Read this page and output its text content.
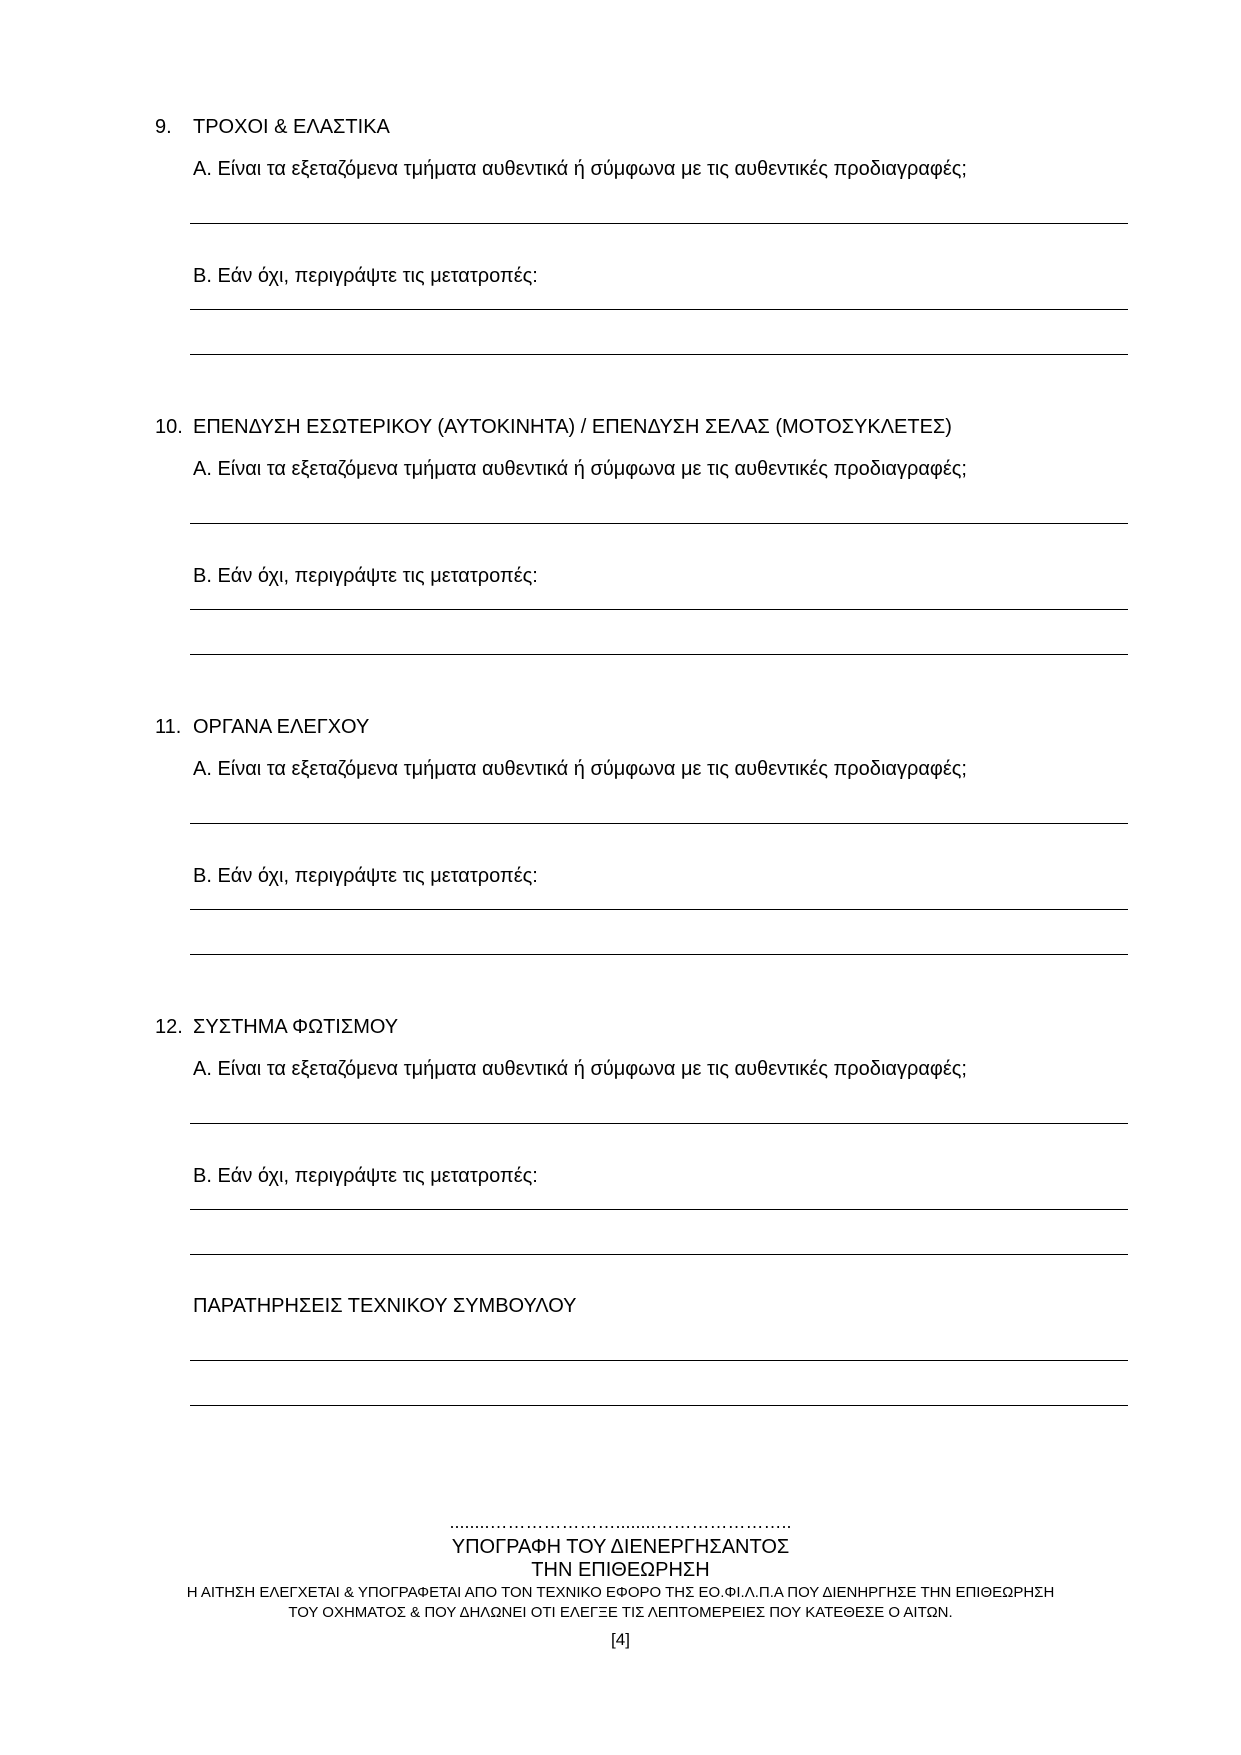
9. ΤΡΟΧΟΙ & ΕΛΑΣΤΙΚΑ
Α. Είναι τα εξεταζόμενα τμήματα αυθεντικά ή σύμφωνα με τις αυθεντικές προδιαγραφές;
Β. Εάν όχι, περιγράψτε τις μετατροπές:
10. ΕΠΕΝΔΥΣΗ ΕΣΩΤΕΡΙΚΟΥ (ΑΥΤΟΚΙΝΗΤΑ) / ΕΠΕΝΔΥΣΗ ΣΕΛΑΣ (ΜΟΤΟΣΥΚΛΕΤΕΣ)
Α. Είναι τα εξεταζόμενα τμήματα αυθεντικά ή σύμφωνα με τις αυθεντικές προδιαγραφές;
Β. Εάν όχι, περιγράψτε τις μετατροπές:
11. ΟΡΓΑΝΑ ΕΛΕΓΧΟΥ
Α. Είναι τα εξεταζόμενα τμήματα αυθεντικά ή σύμφωνα με τις αυθεντικές προδιαγραφές;
Β. Εάν όχι, περιγράψτε τις μετατροπές:
12. ΣΥΣΤΗΜΑ ΦΩΤΙΣΜΟΥ
Α. Είναι τα εξεταζόμενα τμήματα αυθεντικά ή σύμφωνα με τις αυθεντικές προδιαγραφές;
Β. Εάν όχι, περιγράψτε τις μετατροπές:
ΠΑΡΑΤΗΡΗΣΕΙΣ ΤΕΧΝΙΚΟΥ ΣΥΜΒΟΥΛΟΥ
........…………………........…………………..
ΥΠΟΓΡΑΦΗ ΤΟΥ ΔΙΕΝΕΡΓΗΣΑΝΤΟΣ
ΤΗΝ ΕΠΙΘΕΩΡΗΣΗ
Η ΑΙΤΗΣΗ ΕΛΕΓΧΕΤΑΙ & ΥΠΟΓΡΑΦΕΤΑΙ ΑΠΟ ΤΟΝ ΤΕΧΝΙΚΟ ΕΦΟΡΟ ΤΗΣ ΕΟ.ΦΙ.Λ.Π.Α ΠΟΥ ΔΙΕΝΗΡΓΗΣΕ ΤΗΝ ΕΠΙΘΕΩΡΗΣΗ
ΤΟΥ ΟΧΗΜΑΤΟΣ & ΠΟΥ ΔΗΛΩΝΕΙ ΟΤΙ ΕΛΕΓΞΕ ΤΙΣ ΛΕΠΤΟΜΕΡΕΙΕΣ ΠΟΥ ΚΑΤΕΘΕΣΕ Ο ΑΙΤΩΝ.
[4]
